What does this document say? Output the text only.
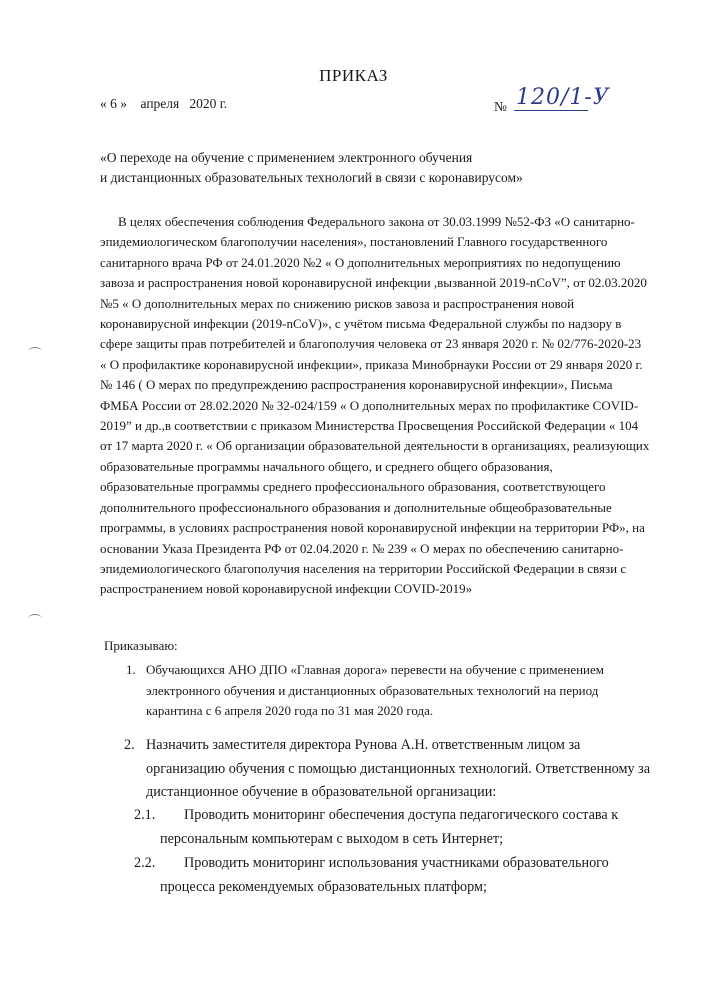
ПРИКАЗ
« 6 »    апреля   2020 г.	№ 120/1-У
«О переходе на обучение с применением электронного обучения
и дистанционных образовательных технологий в связи с коронавирусом»
В целях обеспечения соблюдения Федерального закона от 30.03.1999 №52-ФЗ «О санитарно-
эпидемиологическом благополучии населения», постановлений Главного государственного
санитарного врача РФ от 24.01.2020 №2 « О дополнительных мероприятиях по недопущению
завоза и распространения новой коронавирусной инфекции ,вызванной 2019-nCoV”, от 02.03.2020
№5 « О дополнительных мерах по снижению рисков завоза и распространения новой
коронавирусной инфекции (2019-nCoV)», с учётом письма Федеральной службы по надзору в
сфере защиты прав потребителей и благополучия человека от 23 января 2020 г. № 02/776-2020-23
« О профилактике коронавирусной инфекции», приказа Минобрнауки России от 29 января 2020 г.
№ 146 ( О мерах по предупреждению распространения коронавирусной инфекции», Письма
ФМБА России от 28.02.2020 № 32-024/159 « О дополнительных мерах по профилактике COVID-
2019” и др.,в соответствии с приказом Министерства Просвещения Российской Федерации « 104
от 17 марта 2020 г. « Об организации образовательной деятельности в организациях, реализующих
образовательные программы начального общего, и среднего общего образования,
образовательные программы среднего профессионального образования, соответствующего
дополнительного профессионального образования и дополнительные общеобразовательные
программы, в условиях распространения новой коронавирусной инфекции на территории РФ», на
основании Указа Президента РФ от 02.04.2020 г. № 239 « О мерах по обеспечению санитарно-
эпидемиологического благополучия населения на территории Российской Федерации в связи с
распространением новой коронавирусной инфекции COVID-2019»
Приказываю:
1. Обучающихся АНО ДПО «Главная дорога» перевести на обучение с применением
электронного обучения и дистанционных образовательных технологий на период
карантина с 6 апреля 2020 года по 31 мая 2020 года.
2. Назначить заместителя директора Рунова А.Н. ответственным лицом за
организацию обучения с помощью дистанционных технологий. Ответственному за
дистанционное обучение в образовательной организации:
2.1.	Проводить мониторинг обеспечения доступа педагогического состава к
персональным компьютерам с выходом в сеть Интернет;
2.2.	Проводить мониторинг использования участниками образовательного
процесса рекомендуемых образовательных платформ;
